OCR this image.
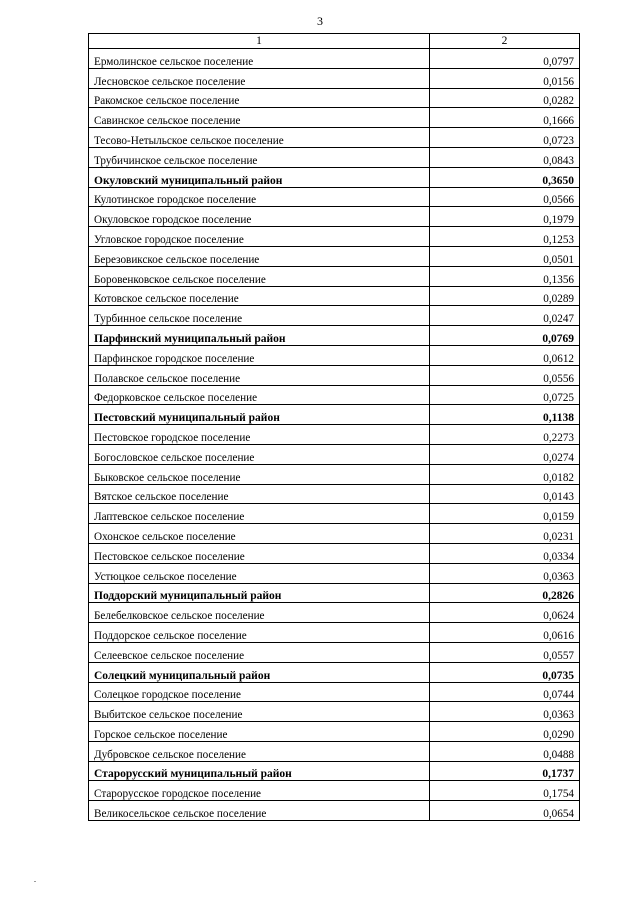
3
1	2
Ермолинское сельское поселение	0,0797
Лесновское сельское поселение	0,0156
Ракомское сельское поселение	0,0282
Савинское сельское поселение	0,1666
Тесово-Нетыльское сельское поселение	0,0723
Трубичинское сельское поселение	0,0843
Окуловский муниципальный район	0,3650
Кулотинское городское поселение	0,0566
Окуловское городское поселение	0,1979
Угловское городское поселение	0,1253
Березовикское сельское поселение	0,0501
Боровенковское сельское поселение	0,1356
Котовское сельское поселение	0,0289
Турбинное сельское поселение	0,0247
Парфинский муниципальный район	0,0769
Парфинское городское поселение	0,0612
Полавское сельское поселение	0,0556
Федорковское сельское поселение	0,0725
Пестовский муниципальный район	0,1138
Пестовское городское поселение	0,2273
Богословское сельское поселение	0,0274
Быковское сельское поселение	0,0182
Вятское сельское поселение	0,0143
Лаптевское сельское поселение	0,0159
Охонское сельское поселение	0,0231
Пестовское сельское поселение	0,0334
Устюцкое сельское поселение	0,0363
Поддорский муниципальный район	0,2826
Белебелковское сельское поселение	0,0624
Поддорское сельское поселение	0,0616
Селеевское сельское поселение	0,0557
Солецкий муниципальный район	0,0735
Солецкое городское поселение	0,0744
Выбитское сельское поселение	0,0363
Горское сельское поселение	0,0290
Дубровское сельское поселение	0,0488
Старорусский муниципальный район	0,1737
Старорусское городское поселение	0,1754
Великосельское сельское поселение	0,0654
